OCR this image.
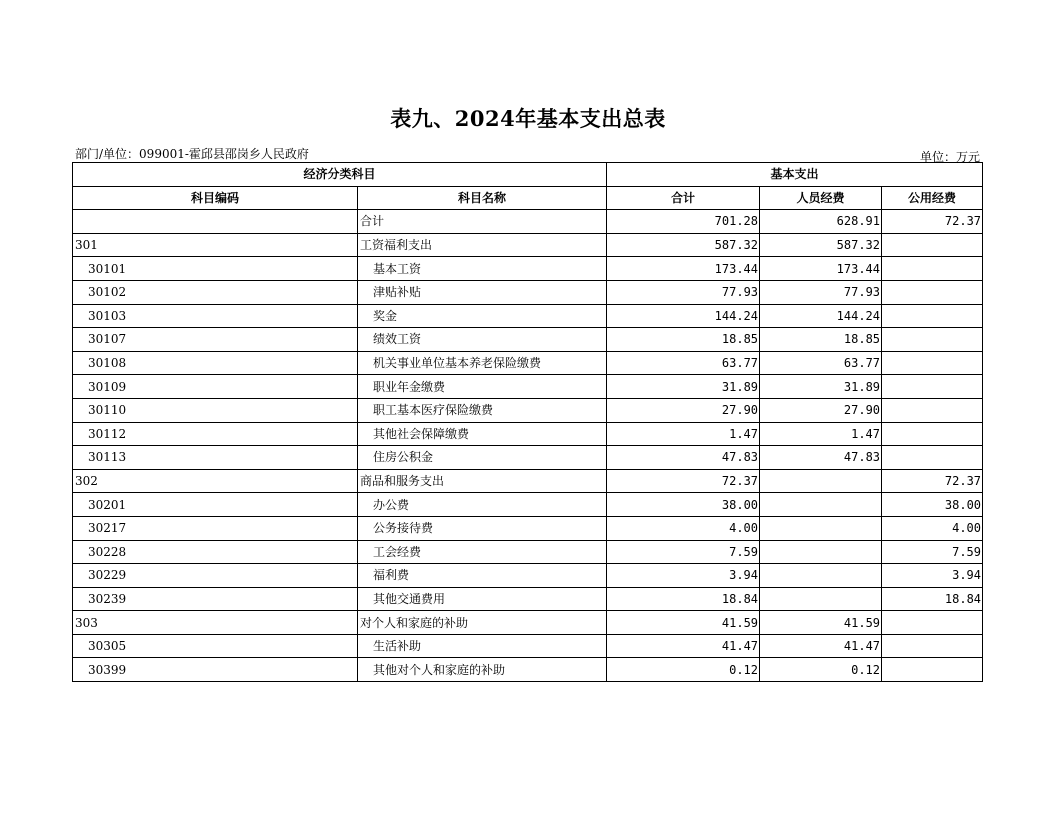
表九、2024年基本支出总表
部门/单位：099001-霍邱县邵岗乡人民政府	单位：万元
经济分类科目		基本支出		
科目编码	科目名称	合计	人员经费	公用经费
	合计	701.28	628.91	72.37
301	工资福利支出	587.32	587.32	
30101	基本工资	173.44	173.44	
30102	津贴补贴	77.93	77.93	
30103	奖金	144.24	144.24	
30107	绩效工资	18.85	18.85	
30108	机关事业单位基本养老保险缴费	63.77	63.77	
30109	职业年金缴费	31.89	31.89	
30110	职工基本医疗保险缴费	27.90	27.90	
30112	其他社会保障缴费	1.47	1.47	
30113	住房公积金	47.83	47.83	
302	商品和服务支出	72.37		72.37
30201	办公费	38.00		38.00
30217	公务接待费	4.00		4.00
30228	工会经费	7.59		7.59
30229	福利费	3.94		3.94
30239	其他交通费用	18.84		18.84
303	对个人和家庭的补助	41.59	41.59	
30305	生活补助	41.47	41.47	
30399	其他对个人和家庭的补助	0.12	0.12	
